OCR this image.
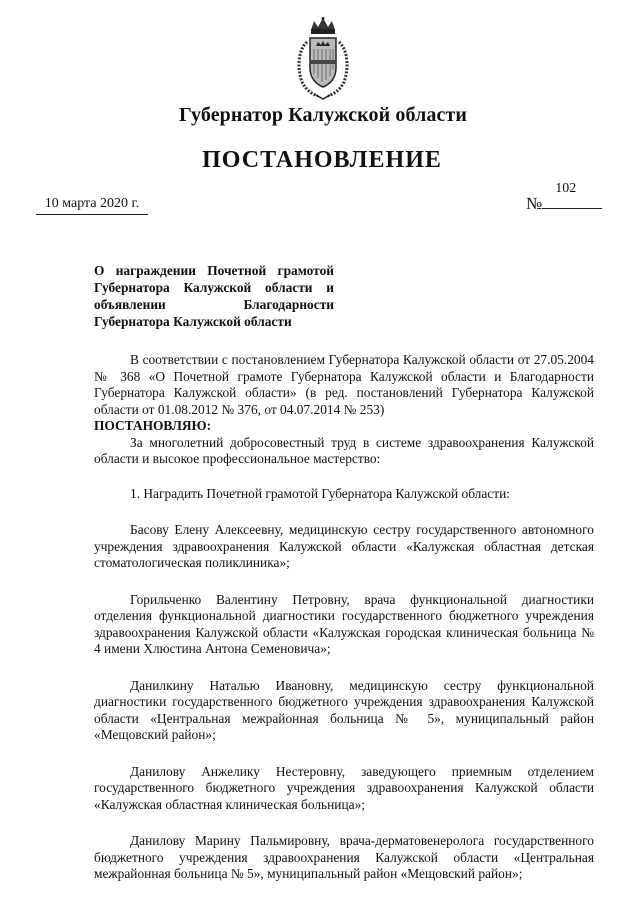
Губернатор Калужской области
ПОСТАНОВЛЕНИЕ
10 марта 2020 г.	№
102
О награждении Почетной грамотой Губернатора Калужской области и объявлении Благодарности Губернатора Калужской области

В соответствии с постановлением Губернатора Калужской области от 27.05.2004 № 368 «О Почетной грамоте Губернатора Калужской области и Благодарности Губернатора Калужской области» (в ред. постановлений Губернатора Калужской области от 01.08.2012 № 376, от 04.07.2014 № 253)

ПОСТАНОВЛЯЮ:

За многолетний добросовестный труд в системе здравоохранения Калужской области и высокое профессиональное мастерство:

1. Наградить Почетной грамотой Губернатора Калужской области:

Басову Елену Алексеевну, медицинскую сестру государственного автономного учреждения здравоохранения Калужской области «Калужская областная детская стоматологическая поликлиника»;

Горильченко Валентину Петровну, врача функциональной диагностики отделения функциональной диагностики государственного бюджетного учреждения здравоохранения Калужской области «Калужская городская клиническая больница № 4 имени Хлюстина Антона Семеновича»;

Данилкину Наталью Ивановну, медицинскую сестру функциональной диагностики государственного бюджетного учреждения здравоохранения Калужской области «Центральная межрайонная больница № 5», муниципальный район «Мещовский район»;

Данилову Анжелику Нестеровну, заведующего приемным отделением государственного бюджетного учреждения здравоохранения Калужской области «Калужская областная клиническая больница»;

Данилову Марину Пальмировну, врача-дерматовенеролога государственного бюджетного учреждения здравоохранения Калужской области «Центральная межрайонная больница № 5», муниципальный район «Мещовский район»;
